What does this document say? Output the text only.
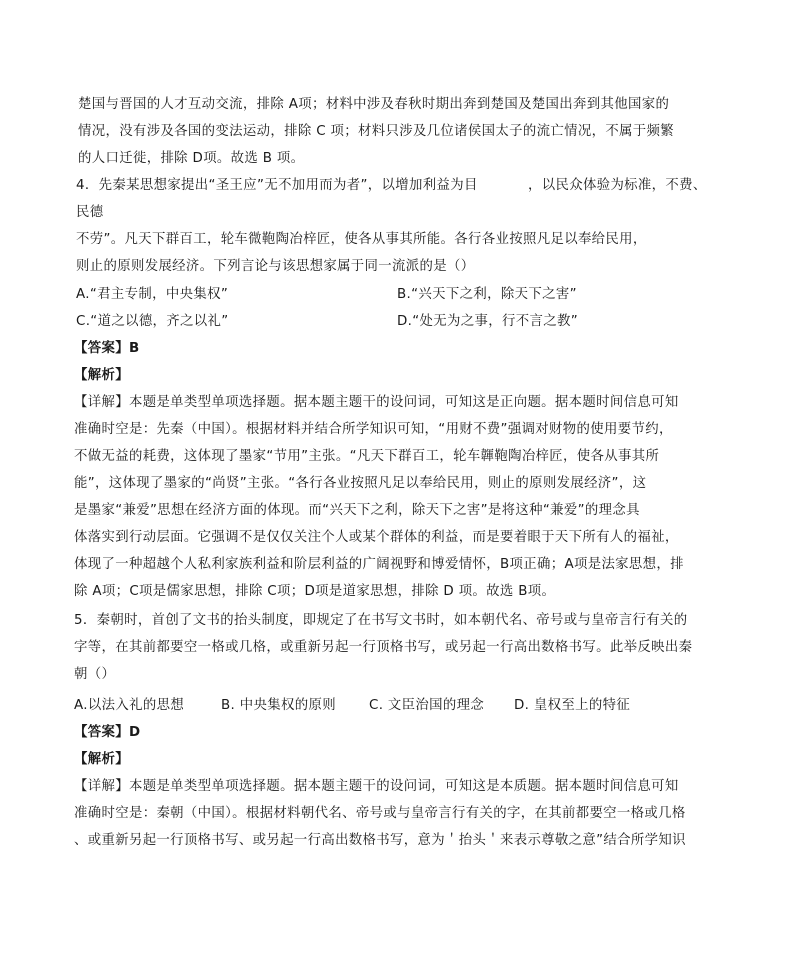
楚国与晋国的人才互动交流，排除 A项；材料中涉及春秋时期出奔到楚国及楚国出奔到其他国家的
情况，没有涉及各国的变法运动，排除 C 项；材料只涉及几位诸侯国太子的流亡情况，不属于频繁
的人口迁徙，排除 D项。故选 B 项。
4．先秦某思想家提出“圣王应”无不加用而为者”，以增加利益为目	，以民众体验为标准，不费、
民德
不劳”。凡天下群百工，轮车微鞄陶冶梓匠，使各从事其所能。各行各业按照凡足以奉给民用，
则止的原则发展经济。下列言论与该思想家属于同一流派的是（）
A.“君主专制，中央集权”	B.“兴天下之利，除天下之害”
C.“道之以德，齐之以礼”	D.“处无为之事，行不言之教”
【答案】B
【解析】
【详解】本题是单类型单项选择题。据本题主题干的设问词，可知这是正向题。据本题时间信息可知
准确时空是：先秦（中国）。根据材料并结合所学知识可知，“用财不费”强调对财物的使用要节约，
不做无益的耗费，这体现了墨家“节用”主张。“凡天下群百工，轮车韗鞄陶冶梓匠，使各从事其所
能”，这体现了墨家的“尚贤”主张。“各行各业按照凡足以奉给民用，则止的原则发展经济”，这
是墨家“兼爱”思想在经济方面的体现。而“兴天下之利，除天下之害”是将这种“兼爱”的理念具
体落实到行动层面。它强调不是仅仅关注个人或某个群体的利益，而是要着眼于天下所有人的福祉，
体现了一种超越个人私利家族利益和阶层利益的广阔视野和博爱情怀，B项正确；A项是法家思想，排
除 A项；C项是儒家思想，排除 C项；D项是道家思想，排除 D 项。故选 B项。
5．秦朝时，首创了文书的抬头制度，即规定了在书写文书时，如本朝代名、帝号或与皇帝言行有关的
字等，在其前都要空一格或几格，或重新另起一行顶格书写，或另起一行高出数格书写。此举反映出秦
朝（）
A.以法入礼的思想	B. 中央集权的原则 C. 文臣治国的理念 D. 皇权至上的特征
【答案】D
【解析】
【详解】本题是单类型单项选择题。据本题主题干的设问词，可知这是本质题。据本题时间信息可知
准确时空是：秦朝（中国）。根据材料朝代名、帝号或与皇帝言行有关的字，在其前都要空一格或几格
、或重新另起一行顶格书写、或另起一行高出数格书写，意为＇抬头＇来表示尊敬之意”结合所学知识
